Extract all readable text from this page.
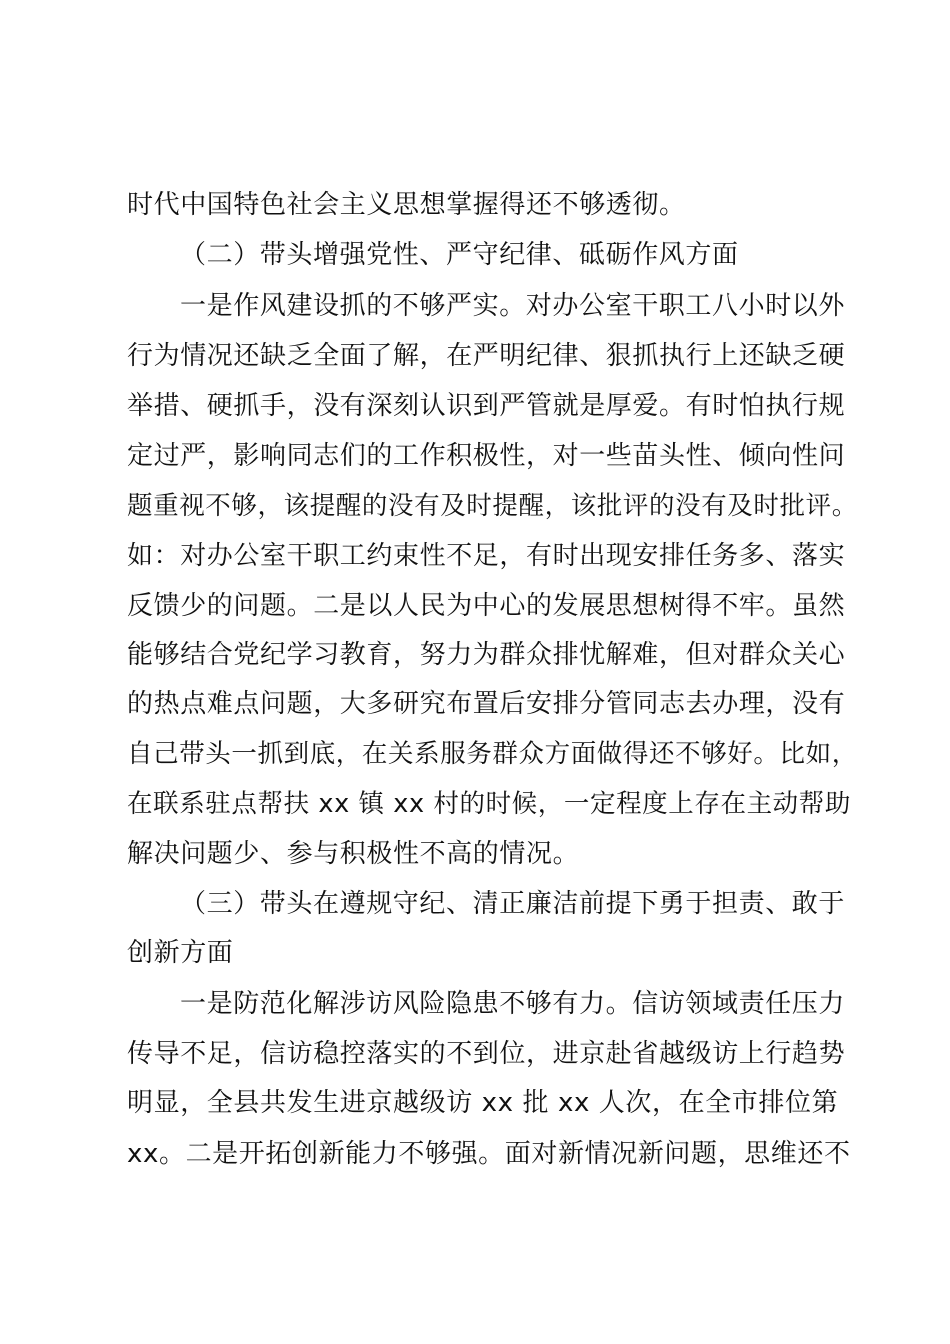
时代中国特色社会主义思想掌握得还不够透彻。
（二）带头增强党性、严守纪律、砥砺作风方面
一是作风建设抓的不够严实。对办公室干职工八小时以外
行为情况还缺乏全面了解，在严明纪律、狠抓执行上还缺乏硬
举措、硬抓手，没有深刻认识到严管就是厚爱。有时怕执行规
定过严，影响同志们的工作积极性，对一些苗头性、倾向性问
题重视不够，该提醒的没有及时提醒，该批评的没有及时批评。
如：对办公室干职工约束性不足，有时出现安排任务多、落实
反馈少的问题。二是以人民为中心的发展思想树得不牢。虽然
能够结合党纪学习教育，努力为群众排忧解难，但对群众关心
的热点难点问题，大多研究布置后安排分管同志去办理，没有
自己带头一抓到底，在关系服务群众方面做得还不够好。比如，
在联系驻点帮扶 xx 镇 xx 村的时候，一定程度上存在主动帮助
解决问题少、参与积极性不高的情况。
（三）带头在遵规守纪、清正廉洁前提下勇于担责、敢于
创新方面
一是防范化解涉访风险隐患不够有力。信访领域责任压力
传导不足，信访稳控落实的不到位，进京赴省越级访上行趋势
明显，全县共发生进京越级访 xx 批 xx 人次，在全市排位第
xx。二是开拓创新能力不够强。面对新情况新问题，思维还不
